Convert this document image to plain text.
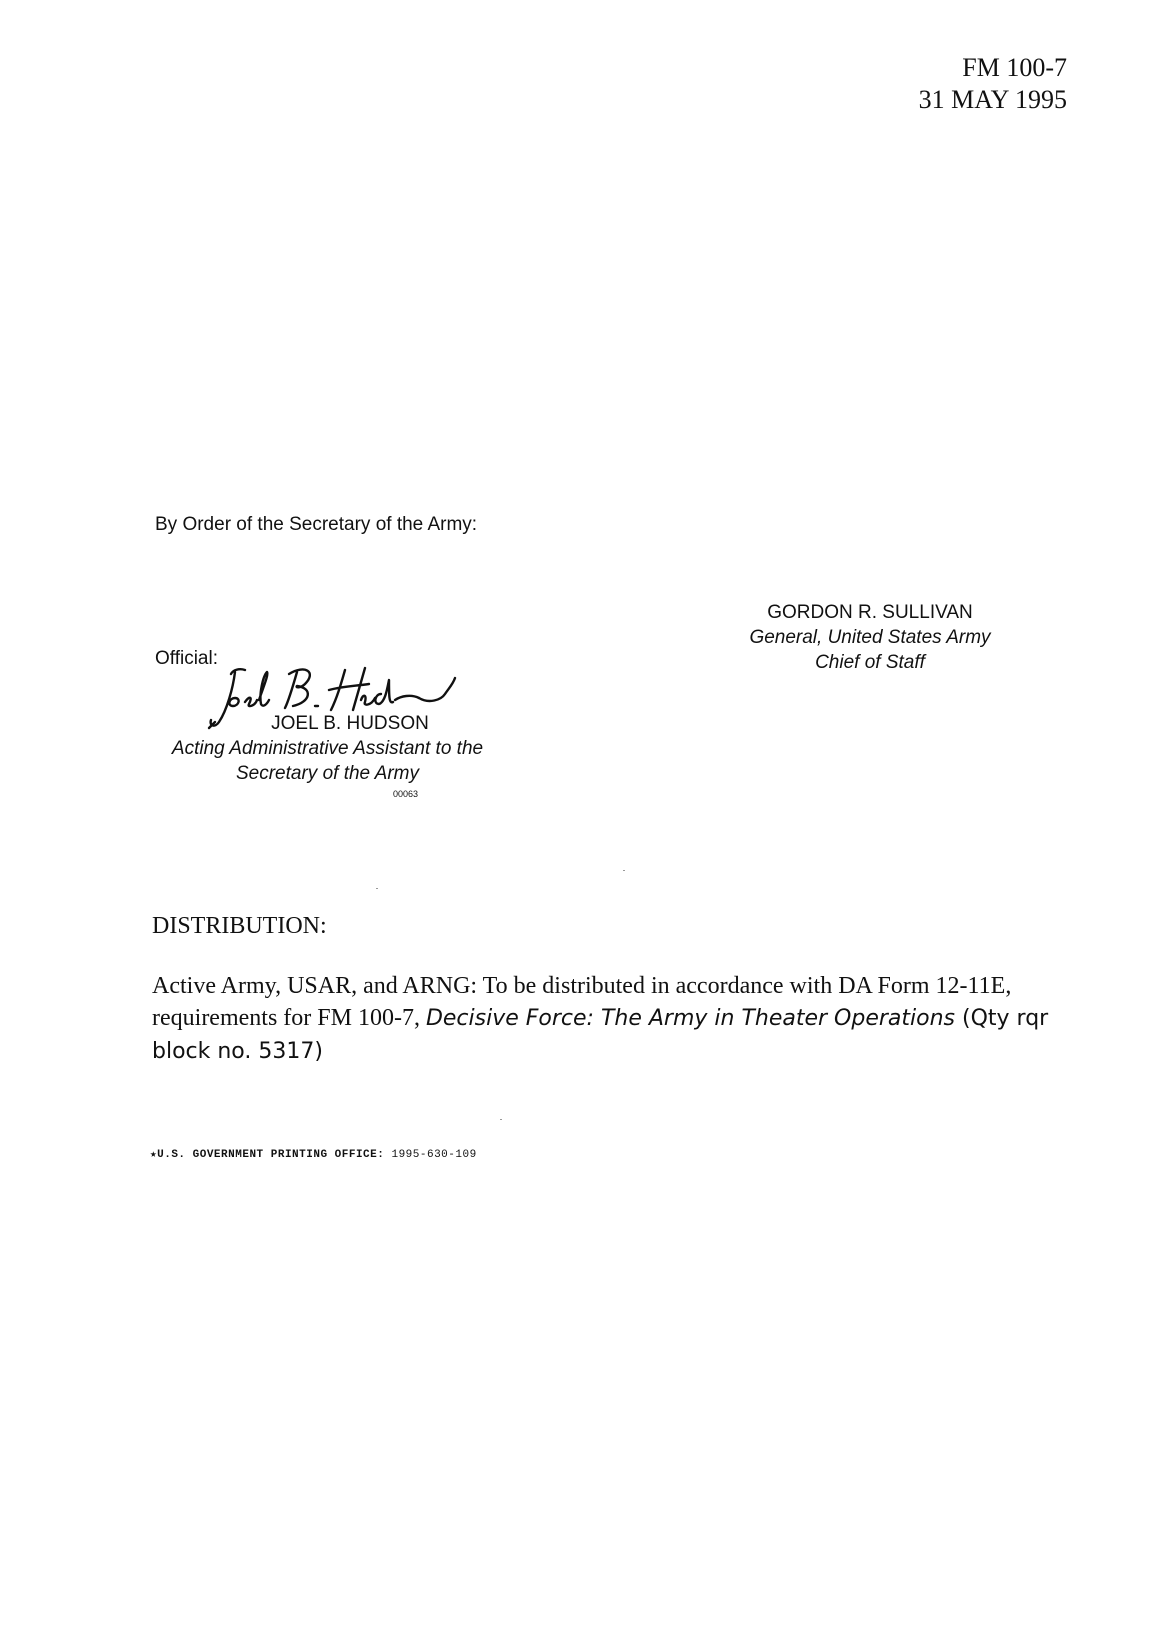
FM 100-7
31 MAY 1995
By Order of the Secretary of the Army:
GORDON R. SULLIVAN
General, United States Army
Chief of Staff
Official:
JOEL B. HUDSON
Acting Administrative Assistant to the
Secretary of the Army
00063
DISTRIBUTION:
Active Army, USAR, and ARNG: To be distributed in accordance with DA Form 12-11E, requirements for FM 100-7, Decisive Force: The Army in Theater Operations (Qty rqr block no. 5317)
★U.S. GOVERNMENT PRINTING OFFICE: 1995-630-109
